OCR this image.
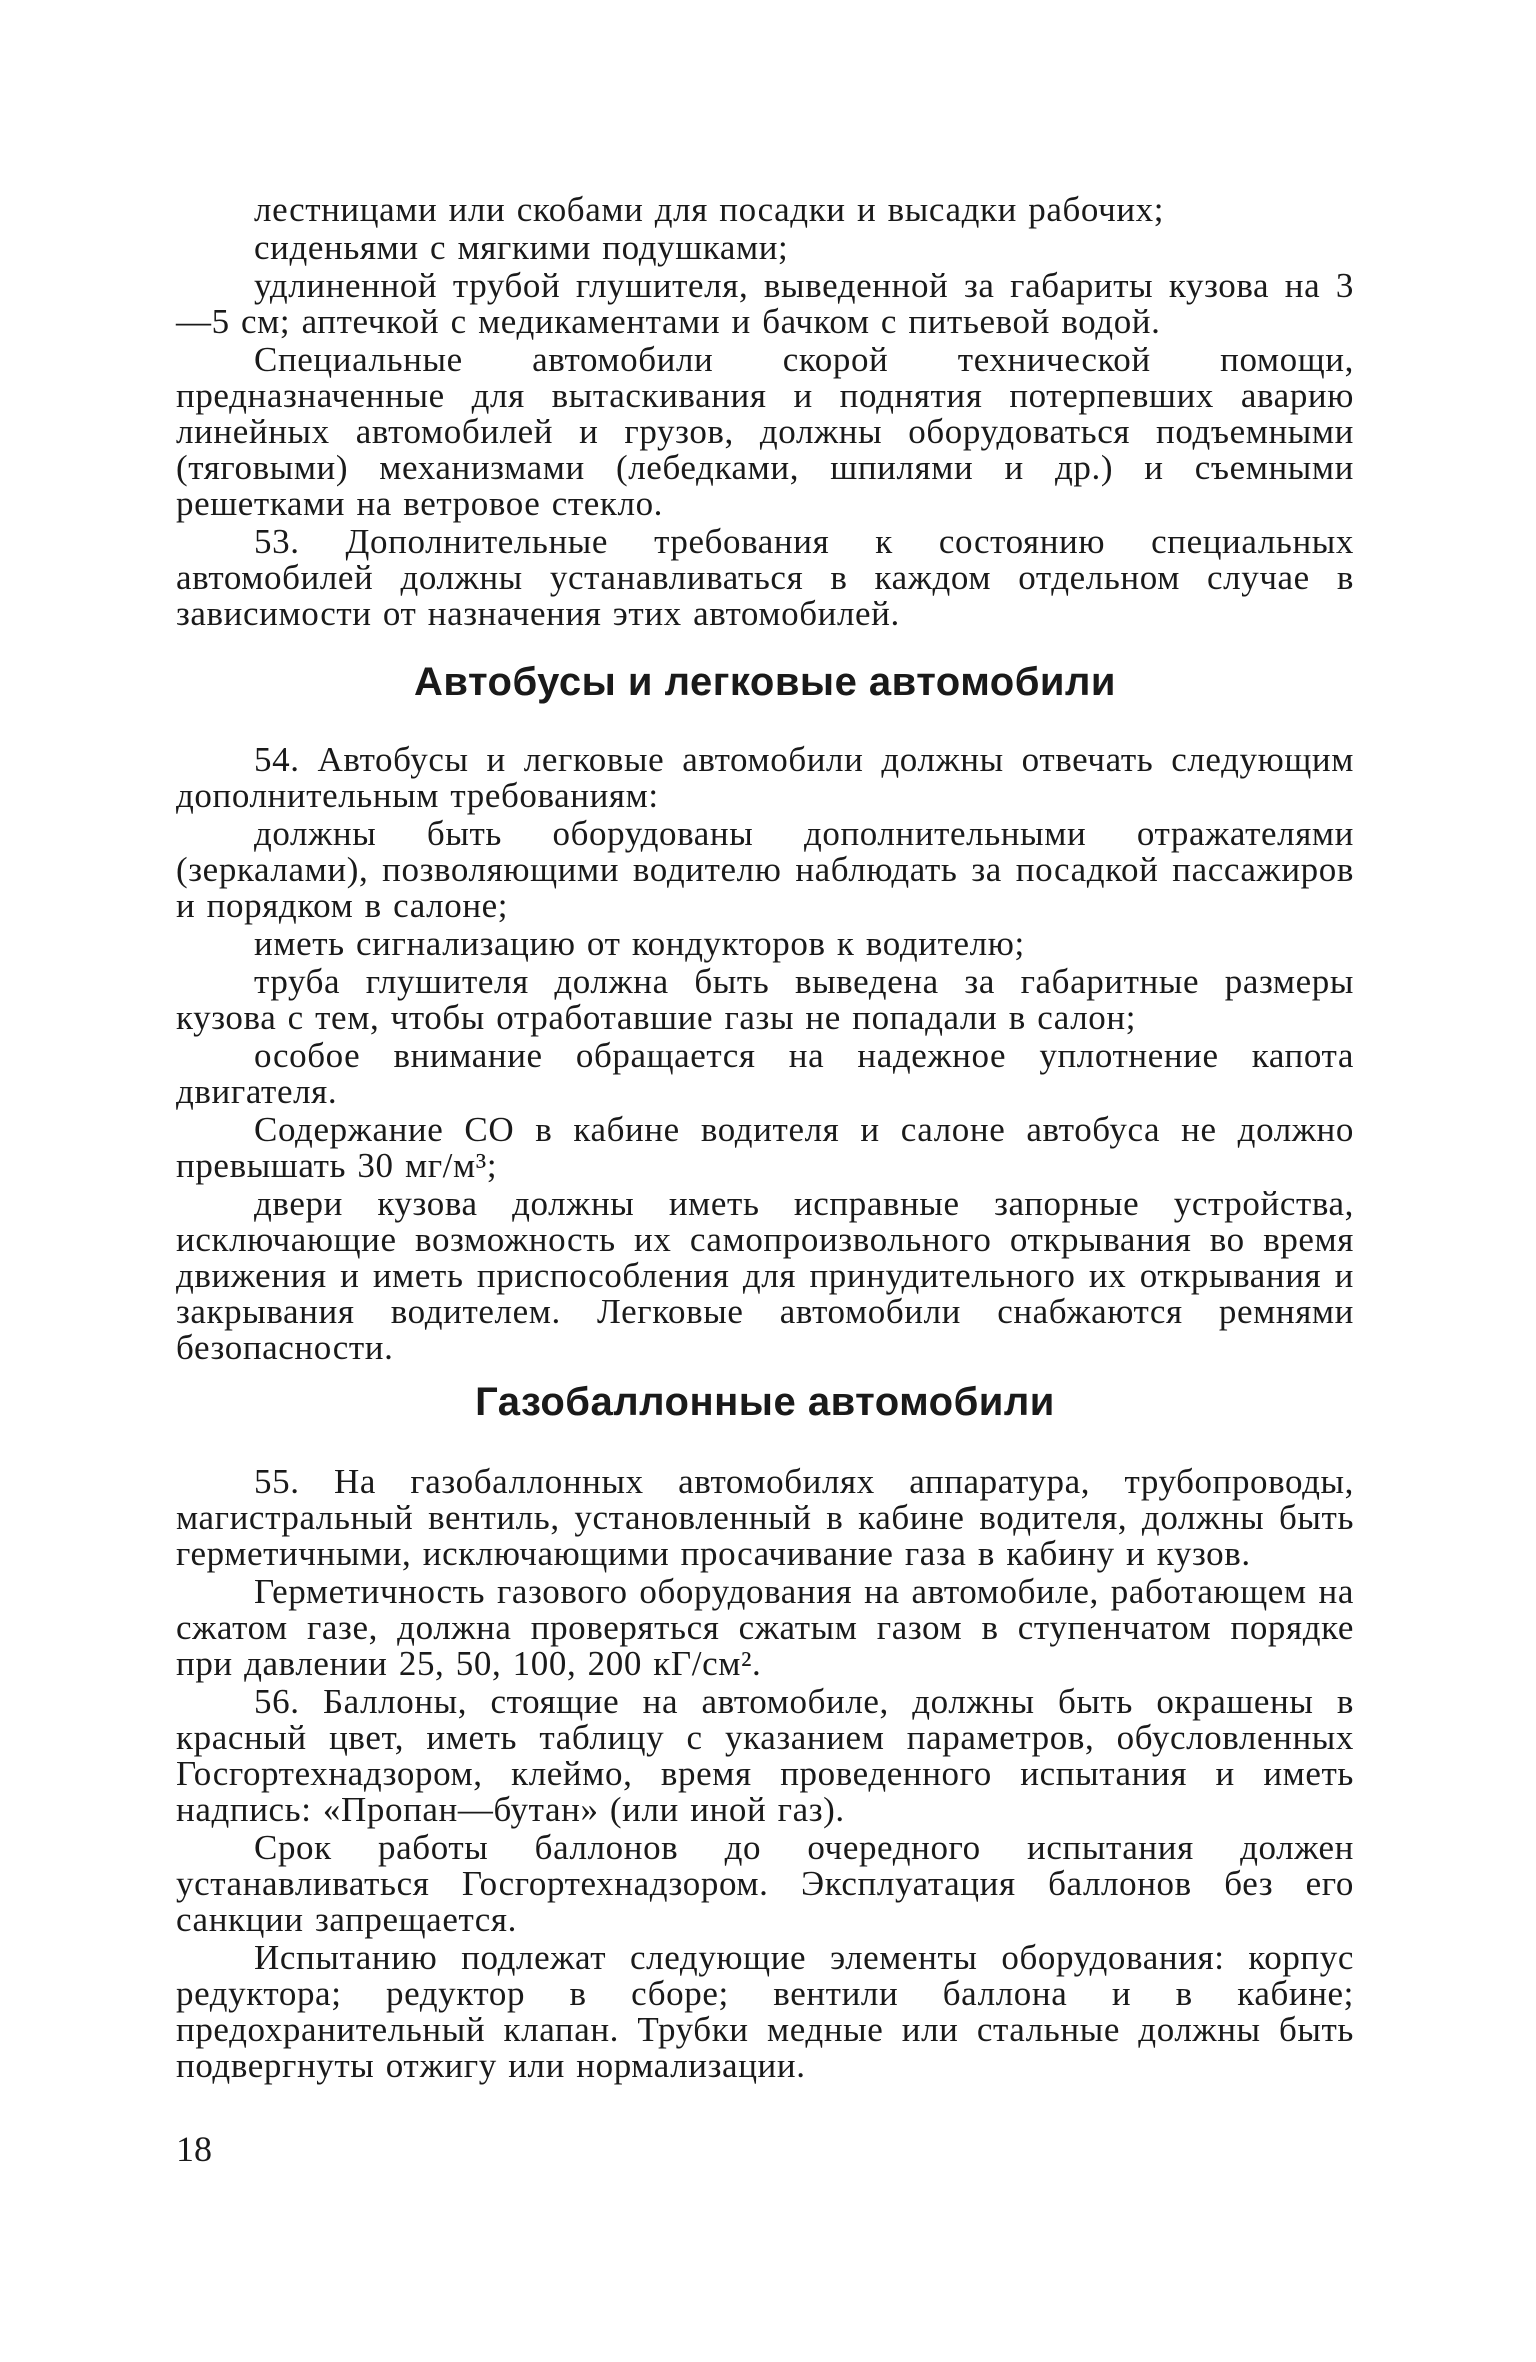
лестницами или скобами для посадки и высадки рабочих;

сиденьями с мягкими подушками;

удлиненной трубой глушителя, выведенной за габариты кузова на 3—5 см; аптечкой с медикаментами и бачком с питьевой водой.

Специальные автомобили скорой технической помощи, предназначенные для вытаскивания и поднятия потерпевших аварию линейных автомобилей и грузов, должны оборудоваться подъемными (тяговыми) механизмами (лебедками, шпилями и др.) и съемными решетками на ветровое стекло.

53. Дополнительные требования к состоянию специальных автомобилей должны устанавливаться в каждом отдельном случае в зависимости от назначения этих автомобилей.

Автобусы и легковые автомобили

54. Автобусы и легковые автомобили должны отвечать следующим дополнительным требованиям:

должны быть оборудованы дополнительными отражателями (зеркалами), позволяющими водителю наблюдать за посадкой пассажиров и порядком в салоне;

иметь сигнализацию от кондукторов к водителю;

труба глушителя должна быть выведена за габаритные размеры кузова с тем, чтобы отработавшие газы не попадали в салон;

особое внимание обращается на надежное уплотнение капота двигателя.

Содержание СО в кабине водителя и салоне автобуса не должно превышать 30 мг/м³;

двери кузова должны иметь исправные запорные устройства, исключающие возможность их самопроизвольного открывания во время движения и иметь приспособления для принудительного их открывания и закрывания водителем. Легковые автомобили снабжаются ремнями безопасности.

Газобаллонные автомобили

55. На газобаллонных автомобилях аппаратура, трубопроводы, магистральный вентиль, установленный в кабине водителя, должны быть герметичными, исключающими просачивание газа в кабину и кузов.

Герметичность газового оборудования на автомобиле, работающем на сжатом газе, должна проверяться сжатым газом в ступенчатом порядке при давлении 25, 50, 100, 200 кГ/см².

56. Баллоны, стоящие на автомобиле, должны быть окрашены в красный цвет, иметь таблицу с указанием параметров, обусловленных Госгортехнадзором, клеймо, время проведенного испытания и иметь надпись: «Пропан—бутан» (или иной газ).

Срок работы баллонов до очередного испытания должен устанавливаться Госгортехнадзором. Эксплуатация баллонов без его санкции запрещается.

Испытанию подлежат следующие элементы оборудования: корпус редуктора; редуктор в сборе; вентили баллона и в кабине; предохранительный клапан. Трубки медные или стальные должны быть подвергнуты отжигу или нормализации.

18
